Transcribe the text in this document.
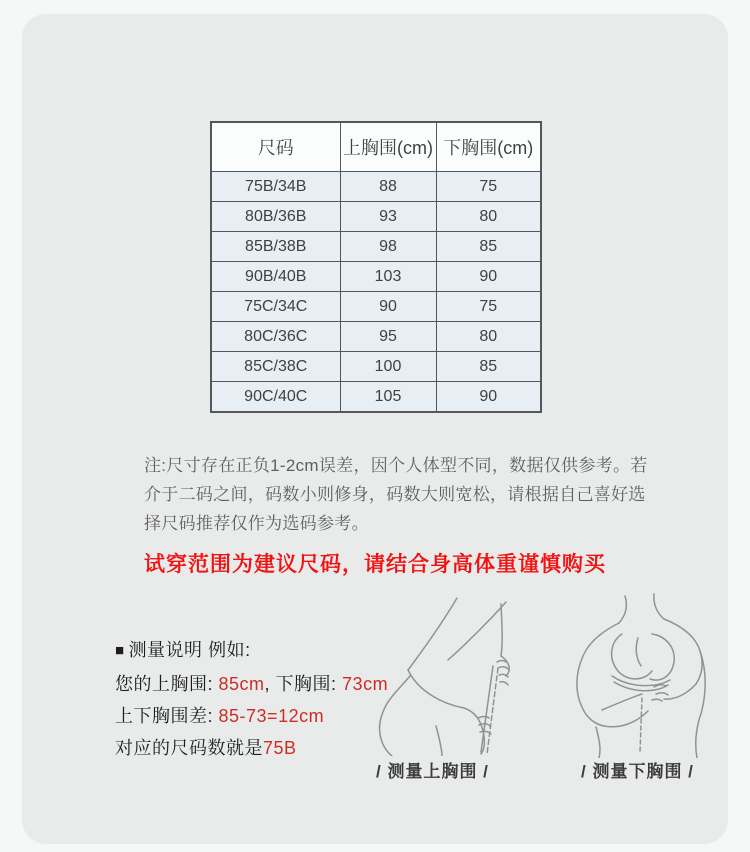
尺码	上胸围(cm)	下胸围(cm)
75B/34B	88	75
80B/36B	93	80
85B/38B	98	85
90B/40B	103	90
75C/34C	90	75
80C/36C	95	80
85C/38C	100	85
90C/40C	105	90

注:尺寸存在正负1-2cm误差，因个人体型不同，数据仅供参考。若介于二码之间，码数小则修身，码数大则宽松，请根据自己喜好选择尺码推荐仅作为选码参考。

试穿范围为建议尺码，请结合身高体重谨慎购买

■ 测量说明 例如:
您的上胸围: 85cm, 下胸围: 73cm
上下胸围差: 85-73=12cm
对应的尺码数就是75B

/ 测量上胸围 /	/ 测量下胸围 /
